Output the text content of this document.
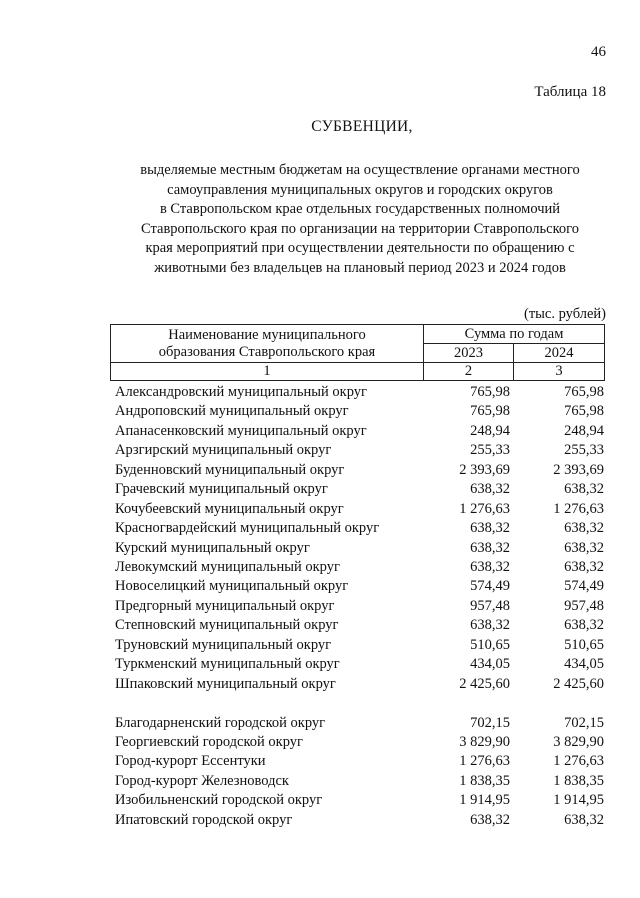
46
Таблица 18
СУБВЕНЦИИ,
выделяемые местным бюджетам на осуществление органами местного
самоуправления муниципальных округов и городских округов
в Ставропольском крае отдельных государственных полномочий
Ставропольского края по организации на территории Ставропольского
края мероприятий при осуществлении деятельности по обращению с
животными без владельцев на плановый период 2023 и 2024 годов
(тыс. рублей)
Наименование муниципального
образования Ставропольского края	Сумма по годам	
	2023	2024
1	2	3
Александровский муниципальный округ	765,98	765,98
Андроповский муниципальный округ	765,98	765,98
Апанасенковский муниципальный округ	248,94	248,94
Арзгирский муниципальный округ	255,33	255,33
Буденновский муниципальный округ	2 393,69	2 393,69
Грачевский муниципальный округ	638,32	638,32
Кочубеевский муниципальный округ	1 276,63	1 276,63
Красногвардейский муниципальный округ	638,32	638,32
Курский муниципальный округ	638,32	638,32
Левокумский муниципальный округ	638,32	638,32
Новоселицкий муниципальный округ	574,49	574,49
Предгорный муниципальный округ	957,48	957,48
Степновский муниципальный округ	638,32	638,32
Труновский муниципальный округ	510,65	510,65
Туркменский муниципальный округ	434,05	434,05
Шпаковский муниципальный округ	2 425,60	2 425,60
Благодарненский городской округ	702,15	702,15
Георгиевский городской округ	3 829,90	3 829,90
Город-курорт Ессентуки	1 276,63	1 276,63
Город-курорт Железноводск	1 838,35	1 838,35
Изобильненский городской округ	1 914,95	1 914,95
Ипатовский городской округ	638,32	638,32
